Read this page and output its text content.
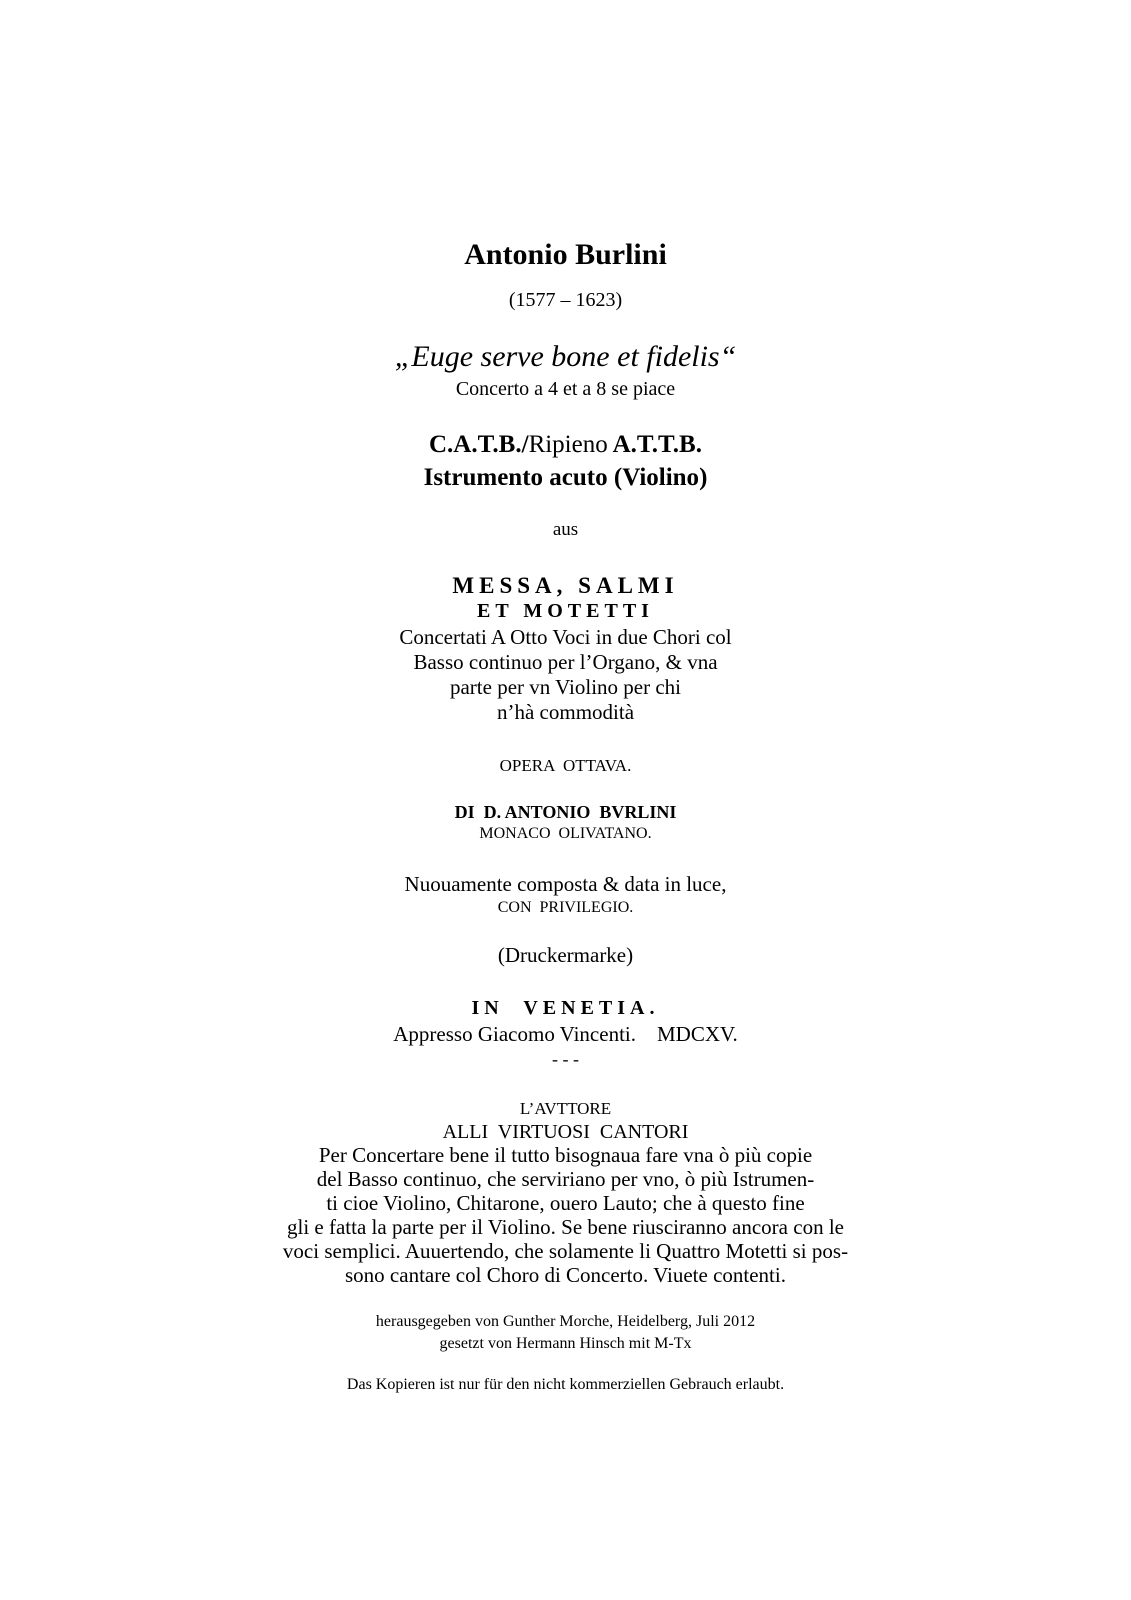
Antonio Burlini
(1577 – 1623)
„Euge serve bone et fidelis“
Concerto a 4 et a 8 se piace
C.A.T.B./Ripieno A.T.T.B.
Istrumento acuto (Violino)
aus
MESSA, SALMI
ET MOTETTI
Concertati A Otto Voci in due Chori col
Basso continuo per l’Organo, & vna
parte per vn Violino per chi
n’hà commodità
OPERA  OTTAVA.
DI  D. ANTONIO  BVRLINI
MONACO  OLIVATANO.
Nuouamente composta & data in luce,
CON  PRIVILEGIO.
(Druckermarke)
IN  VENETIA.
Appresso Giacomo Vincenti.    MDCXV.
- - -
L’AVTTORE
ALLI  VIRTUOSI  CANTORI
Per Concertare bene il tutto bisognaua fare vna ò più copie
del Basso continuo, che serviriano per vno, ò più Istrumen-
ti cioe Violino, Chitarone, ouero Lauto; che à questo fine
gli e fatta la parte per il Violino. Se bene riusciranno ancora con le
voci semplici. Auuertendo, che solamente li Quattro Motetti si pos-
sono cantare col Choro di Concerto. Viuete contenti.
herausgegeben von Gunther Morche, Heidelberg, Juli 2012
gesetzt von Hermann Hinsch mit M-Tx
Das Kopieren ist nur für den nicht kommerziellen Gebrauch erlaubt.
